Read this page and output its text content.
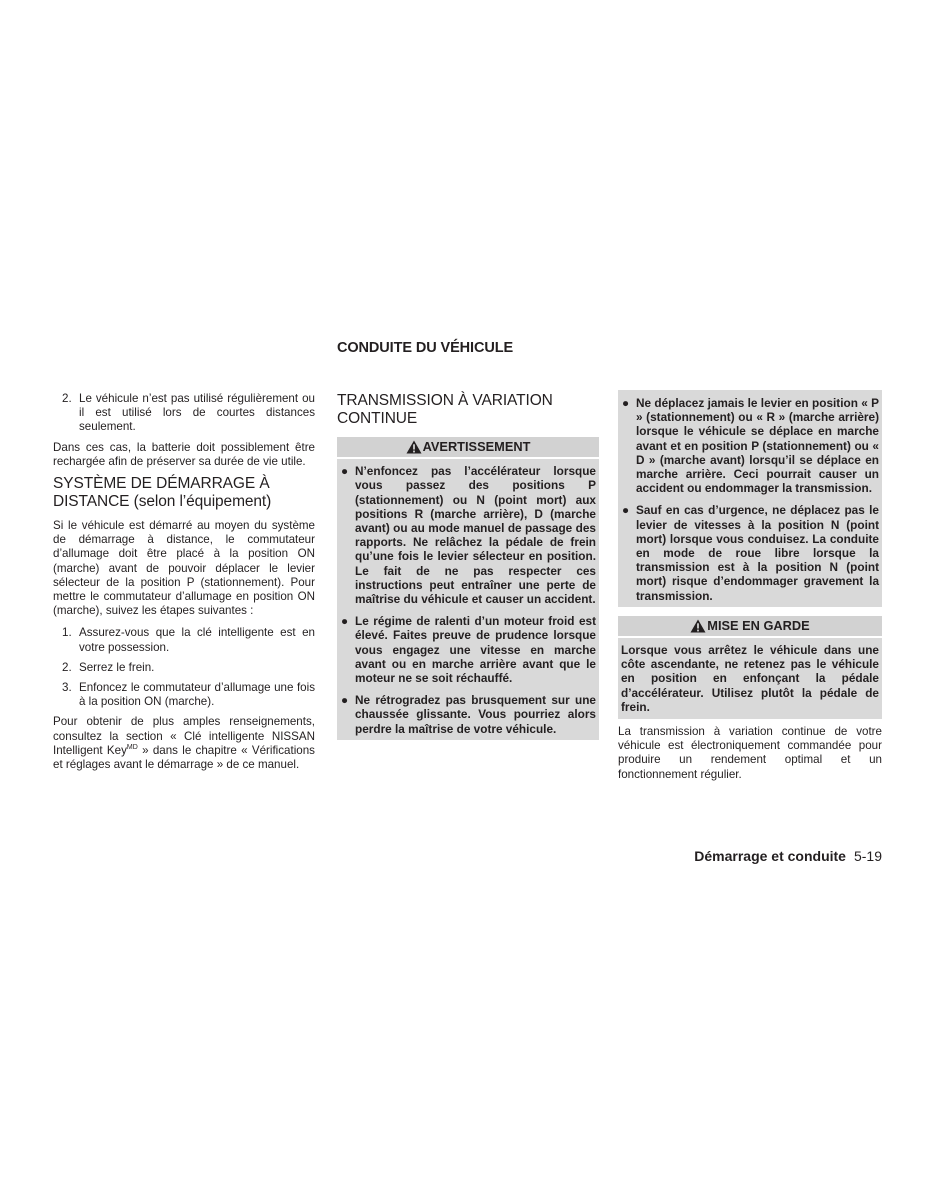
CONDUITE DU VÉHICULE
2. Le véhicule n’est pas utilisé régulièrement ou il est utilisé lors de courtes distances seulement.

Dans ces cas, la batterie doit possiblement être rechargée afin de préserver sa durée de vie utile.

SYSTÈME DE DÉMARRAGE À DISTANCE (selon l’équipement)

Si le véhicule est démarré au moyen du système de démarrage à distance, le commutateur d’allumage doit être placé à la position ON (marche) avant de pouvoir déplacer le levier sélecteur de la position P (stationnement). Pour mettre le commutateur d’allumage en position ON (marche), suivez les étapes suivantes :

1. Assurez-vous que la clé intelligente est en votre possession.
2. Serrez le frein.
3. Enfoncez le commutateur d’allumage une fois à la position ON (marche).

Pour obtenir de plus amples renseignements, consultez la section « Clé intelligente NISSAN Intelligent Key$^{MD}$ » dans le chapitre « Vérifications et réglages avant le démarrage » de ce manuel.

TRANSMISSION À VARIATION CONTINUE
AVERTISSEMENT
● N’enfoncez pas l’accélérateur lorsque vous passez des positions P (stationnement) ou N (point mort) aux positions R (marche arrière), D (marche avant) ou au mode manuel de passage des rapports. Ne relâchez la pédale de frein qu’une fois le levier sélecteur en position. Le fait de ne pas respecter ces instructions peut entraîner une perte de maîtrise du véhicule et causer un accident.
● Le régime de ralenti d’un moteur froid est élevé. Faites preuve de prudence lorsque vous engagez une vitesse en marche avant ou en marche arrière avant que le moteur ne se soit réchauffé.
● Ne rétrogradez pas brusquement sur une chaussée glissante. Vous pourriez alors perdre la maîtrise de votre véhicule.
● Ne déplacez jamais le levier en position « P » (stationnement) ou « R » (marche arrière) lorsque le véhicule se déplace en marche avant et en position P (stationnement) ou « D » (marche avant) lorsqu’il se déplace en marche arrière. Ceci pourrait causer un accident ou endommager la transmission.
● Sauf en cas d’urgence, ne déplacez pas le levier de vitesses à la position N (point mort) lorsque vous conduisez. La conduite en mode de roue libre lorsque la transmission est à la position N (point mort) risque d’endommager gravement la transmission.
MISE EN GARDE
Lorsque vous arrêtez le véhicule dans une côte ascendante, ne retenez pas le véhicule en position en enfonçant la pédale d’accélérateur. Utilisez plutôt la pédale de frein.

La transmission à variation continue de votre véhicule est électroniquement commandée pour produire un rendement optimal et un fonctionnement régulier.

Démarrage et conduite 5-19
